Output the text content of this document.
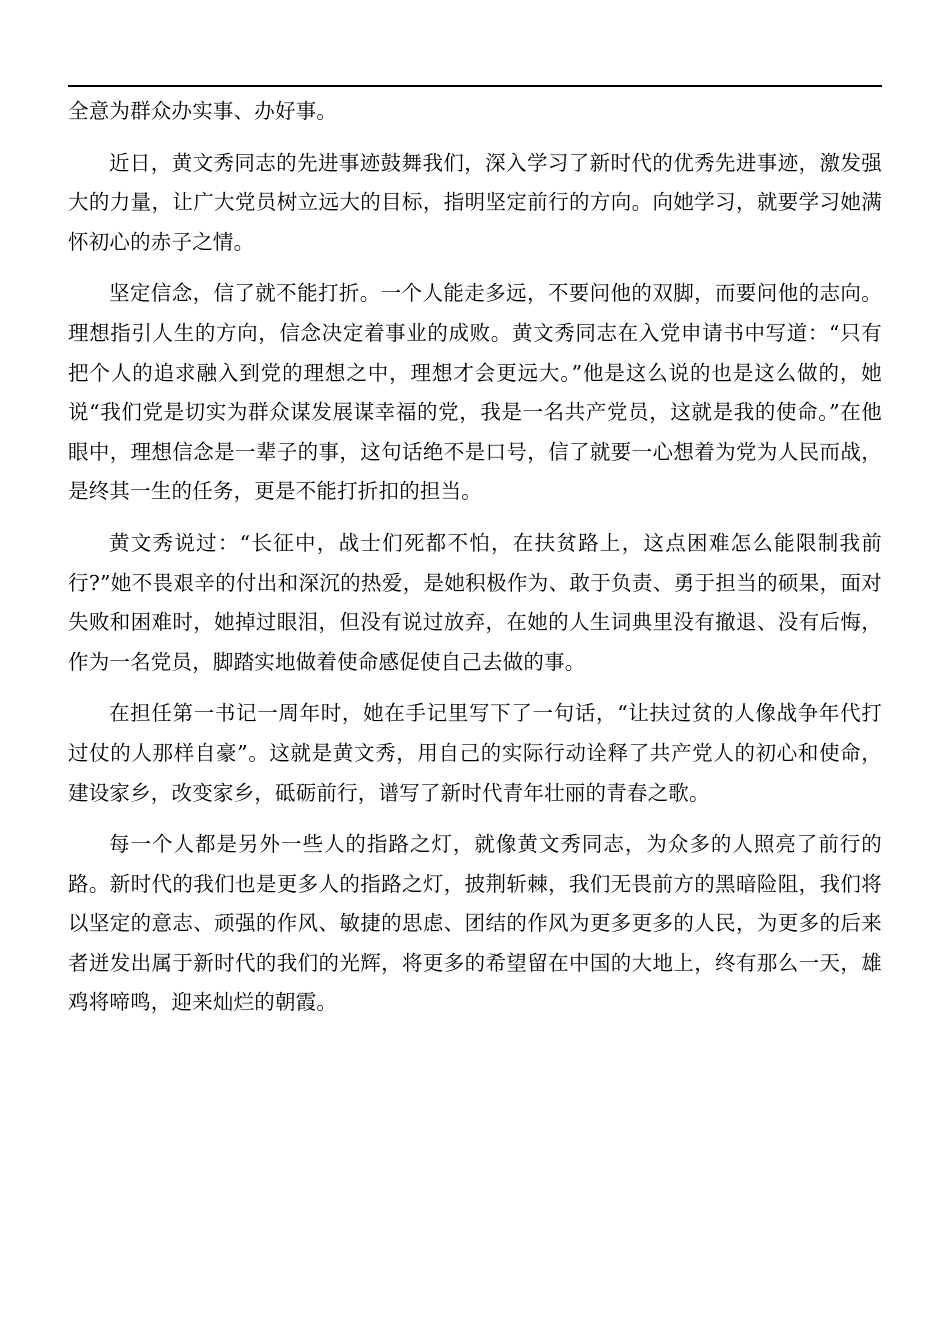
全意为群众办实事、办好事。

近日，黄文秀同志的先进事迹鼓舞我们，深入学习了新时代的优秀先进事迹，激发强大的力量，让广大党员树立远大的目标，指明坚定前行的方向。向她学习，就要学习她满怀初心的赤子之情。

坚定信念，信了就不能打折。一个人能走多远，不要问他的双脚，而要问他的志向。理想指引人生的方向，信念决定着事业的成败。黄文秀同志在入党申请书中写道：“只有把个人的追求融入到党的理想之中，理想才会更远大。”他是这么说的也是这么做的，她说“我们党是切实为群众谋发展谋幸福的党，我是一名共产党员，这就是我的使命。”在他眼中，理想信念是一辈子的事，这句话绝不是口号，信了就要一心想着为党为人民而战，是终其一生的任务，更是不能打折扣的担当。

黄文秀说过：“长征中，战士们死都不怕，在扶贫路上，这点困难怎么能限制我前行?”她不畏艰辛的付出和深沉的热爱，是她积极作为、敢于负责、勇于担当的硕果，面对失败和困难时，她掉过眼泪，但没有说过放弃，在她的人生词典里没有撤退、没有后悔，作为一名党员，脚踏实地做着使命感促使自己去做的事。

在担任第一书记一周年时，她在手记里写下了一句话，“让扶过贫的人像战争年代打过仗的人那样自豪”。这就是黄文秀，用自己的实际行动诠释了共产党人的初心和使命，建设家乡，改变家乡，砥砺前行，谱写了新时代青年壮丽的青春之歌。

每一个人都是另外一些人的指路之灯，就像黄文秀同志，为众多的人照亮了前行的路。新时代的我们也是更多人的指路之灯，披荆斩棘，我们无畏前方的黑暗险阻，我们将以坚定的意志、顽强的作风、敏捷的思虑、团结的作风为更多更多的人民，为更多的后来者迸发出属于新时代的我们的光辉，将更多的希望留在中国的大地上，终有那么一天，雄鸡将啼鸣，迎来灿烂的朝霞。
